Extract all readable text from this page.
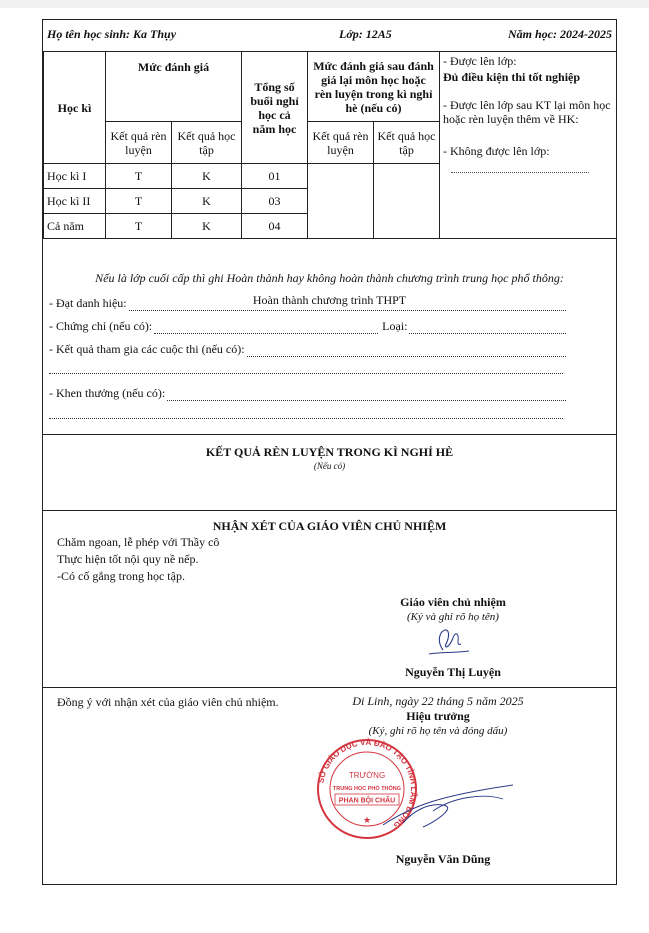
Họ tên học sinh: Ka Thụy	Lớp: 12A5	Năm học: 2024-2025
Học kì	Mức đánh giá		Tổng số buổi nghỉ học cả năm học	Mức đánh giá sau đánh giá lại môn học hoặc rèn luyện trong kì nghỉ hè (nếu có)		- Được lên lớp:
Đủ điều kiện thi tốt nghiệp
- Được lên lớp sau KT lại môn học hoặc rèn luyện thêm về HK:
- Không được lên lớp:

	Kết quả rèn luyện	Kết quả học tập		Kết quả rèn luyện	Kết quả học tập	
Học kì I	T	K	01			
Học kì II	T	K	03			
Cả năm	T	K	04			
Nếu là lớp cuối cấp thì ghi Hoàn thành hay không hoàn thành chương trình trung học phổ thông:
Hoàn thành chương trình THPT
- Đạt danh hiệu:
- Chứng chỉ (nếu có):	Loại:
- Kết quả tham gia các cuộc thi (nếu có):
- Khen thưởng (nếu có):
KẾT QUẢ RÈN LUYỆN TRONG KÌ NGHỈ HÈ
(Nếu có)
NHẬN XÉT CỦA GIÁO VIÊN CHỦ NHIỆM
Chăm ngoan, lễ phép với Thầy cô
Thực hiện tốt nội quy nề nếp.
-Có cố gắng trong học tập.
Giáo viên chủ nhiệm
(Ký và ghi rõ họ tên)
Nguyễn Thị Luyện
Đồng ý với nhận xét của giáo viên chủ nhiệm.	Di Linh, ngày 22 tháng 5 năm 2025
Hiệu trưởng
(Ký, ghi rõ họ tên và đóng dấu)
SỞ GIÁO DỤC VÀ ĐÀO TẠO TỈNH LÂM ĐỒNG
TRƯỜNG
TRUNG HỌC PHỔ THÔNG
PHAN BỘI CHÂU
★
Nguyễn Văn Dũng
